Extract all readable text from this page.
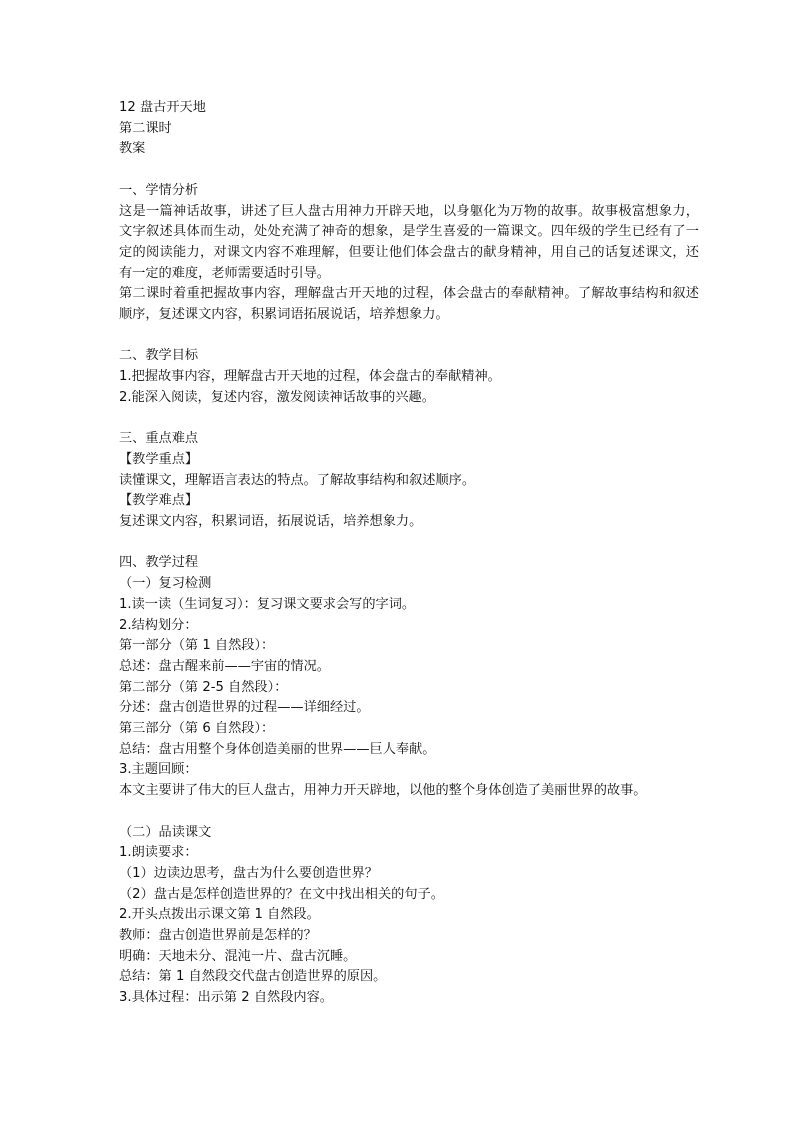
12 盘古开天地
第二课时
教案
一、学情分析
这是一篇神话故事，讲述了巨人盘古用神力开辟天地，以身躯化为万物的故事。故事极富想象力，文字叙述具体而生动，处处充满了神奇的想象，是学生喜爱的一篇课文。四年级的学生已经有了一定的阅读能力，对课文内容不难理解，但要让他们体会盘古的献身精神，用自己的话复述课文，还有一定的难度，老师需要适时引导。
第二课时着重把握故事内容，理解盘古开天地的过程，体会盘古的奉献精神。了解故事结构和叙述顺序，复述课文内容，积累词语拓展说话，培养想象力。
二、教学目标
1.把握故事内容，理解盘古开天地的过程，体会盘古的奉献精神。
2.能深入阅读，复述内容，激发阅读神话故事的兴趣。
三、重点难点
【教学重点】
读懂课文，理解语言表达的特点。了解故事结构和叙述顺序。
【教学难点】
复述课文内容，积累词语，拓展说话，培养想象力。
四、教学过程
（一）复习检测
1.读一读（生词复习）：复习课文要求会写的字词。
2.结构划分：
第一部分（第 1 自然段）：
总述：盘古醒来前——宇宙的情况。
第二部分（第 2-5 自然段）：
分述：盘古创造世界的过程——详细经过。
第三部分（第 6 自然段）：
总结：盘古用整个身体创造美丽的世界——巨人奉献。
3.主题回顾：
本文主要讲了伟大的巨人盘古，用神力开天辟地，以他的整个身体创造了美丽世界的故事。
（二）品读课文
1.朗读要求：
（1）边读边思考，盘古为什么要创造世界？
（2）盘古是怎样创造世界的？在文中找出相关的句子。
2.开头点拨出示课文第 1 自然段。
教师：盘古创造世界前是怎样的？
明确：天地未分、混沌一片、盘古沉睡。
总结：第 1 自然段交代盘古创造世界的原因。
3.具体过程：出示第 2 自然段内容。
